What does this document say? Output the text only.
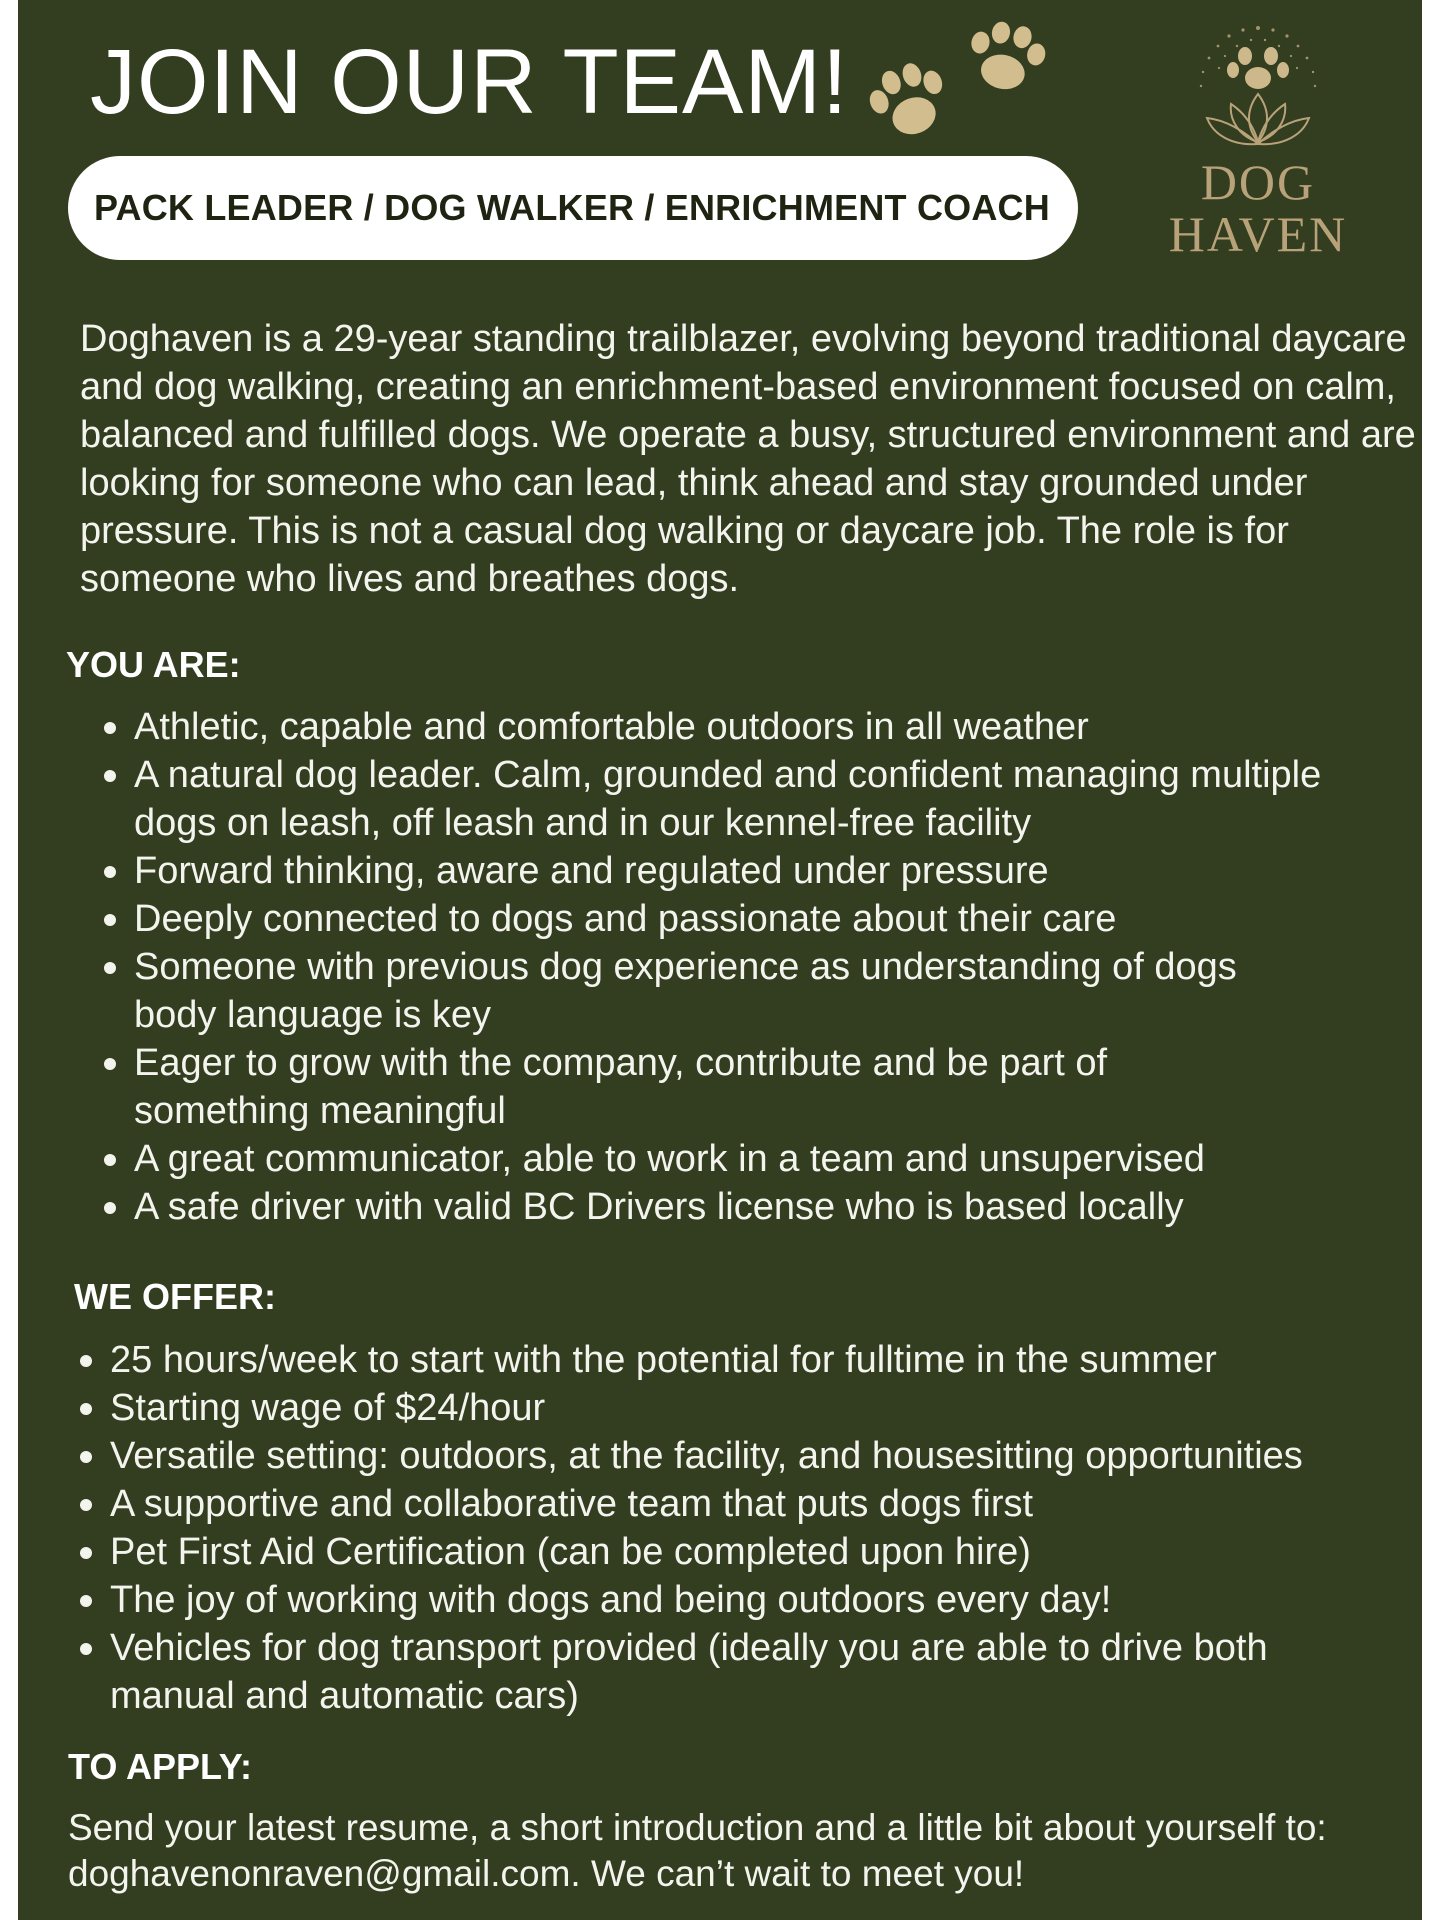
JOIN OUR TEAM!
PACK LEADER / DOG WALKER / ENRICHMENT COACH	DOG
HAVEN

Doghaven is a 29-year standing trailblazer, evolving beyond traditional daycare and dog walking, creating an enrichment-based environment focused on calm, balanced and fulfilled dogs. We operate a busy, structured environment and are looking for someone who can lead, think ahead and stay grounded under pressure. This is not a casual dog walking or daycare job. The role is for someone who lives and breathes dogs.

YOU ARE:
Athletic, capable and comfortable outdoors in all weather
A natural dog leader. Calm, grounded and confident managing multiple dogs on leash, off leash and in our kennel-free facility
Forward thinking, aware and regulated under pressure
Deeply connected to dogs and passionate about their care
Someone with previous dog experience as understanding of dogs body language is key
Eager to grow with the company, contribute and be part of something meaningful
A great communicator, able to work in a team and unsupervised
A safe driver with valid BC Drivers license who is based locally
WE OFFER:
25 hours/week to start with the potential for fulltime in the summer
Starting wage of $24/hour
Versatile setting: outdoors, at the facility, and housesitting opportunities
A supportive and collaborative team that puts dogs first
Pet First Aid Certification (can be completed upon hire)
The joy of working with dogs and being outdoors every day!
Vehicles for dog transport provided (ideally you are able to drive both manual and automatic cars)
TO APPLY:

Send your latest resume, a short introduction and a little bit about yourself to: doghavenonraven@gmail.com. We can’t wait to meet you!
